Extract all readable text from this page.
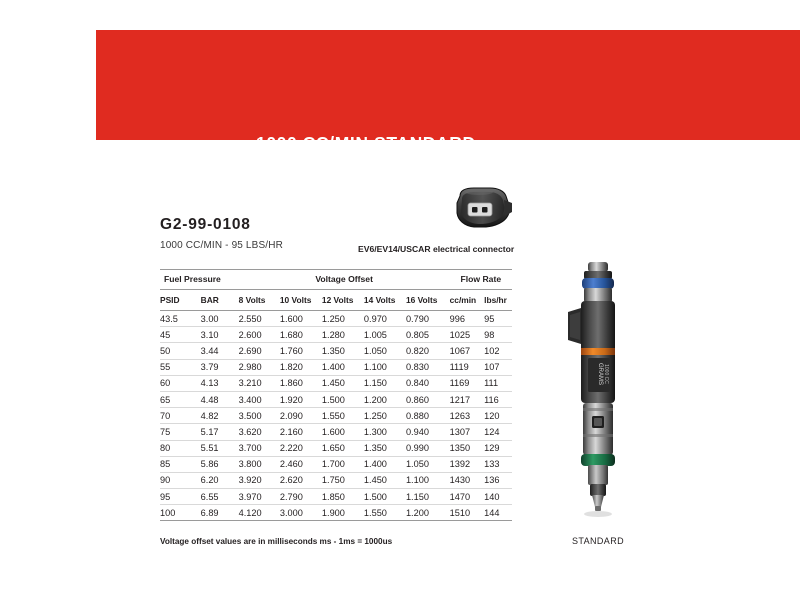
1000 CC/MIN STANDARD
G2-99-0108
1000 CC/MIN - 95 LBS/HR	EV6/EV14/USCAR electrical connector
Fuel Pressure		Voltage Offset					Flow Rate	
PSID	BAR	8 Volts	10 Volts	12 Volts	14 Volts	16 Volts	cc/min	lbs/hr
43.5	3.00	2.550	1.600	1.250	0.970	0.790	996	95
45	3.10	2.600	1.680	1.280	1.005	0.805	1025	98
50	3.44	2.690	1.760	1.350	1.050	0.820	1067	102
55	3.79	2.980	1.820	1.400	1.100	0.830	1119	107
60	4.13	3.210	1.860	1.450	1.150	0.840	1169	111
65	4.48	3.400	1.920	1.500	1.200	0.860	1217	116
70	4.82	3.500	2.090	1.550	1.250	0.880	1263	120
75	5.17	3.620	2.160	1.600	1.300	0.940	1307	124
80	5.51	3.700	2.220	1.650	1.350	0.990	1350	129
85	5.86	3.800	2.460	1.700	1.400	1.050	1392	133
90	6.20	3.920	2.620	1.750	1.450	1.100	1430	136
95	6.55	3.970	2.790	1.850	1.500	1.150	1470	140
100	6.89	4.120	3.000	1.900	1.550	1.200	1510	144
Voltage offset values are in milliseconds ms - 1ms = 1000us
GRAMS 1000 CC
STANDARD
